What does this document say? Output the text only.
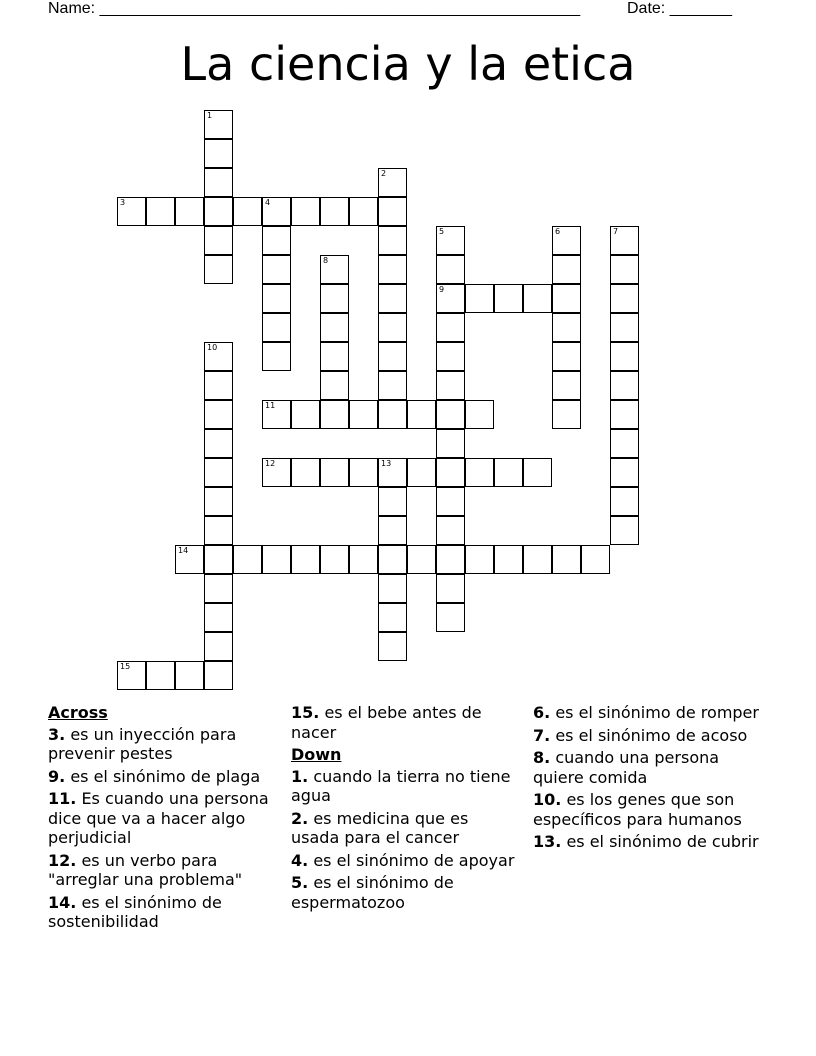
Name: ______________________________________________________	Date: _______
La ciencia y la etica
1
2
3	4
5	6	7
8
9
10
11
12	13
14
15
Across
3. es un inyección para prevenir pestes
9. es el sinónimo de plaga
11. Es cuando una persona dice que va a hacer algo perjudicial
12. es un verbo para "arreglar una problema"
14. es el sinónimo de sostenibilidad
15. es el bebe antes de nacer
Down
1. cuando la tierra no tiene agua
2. es medicina que es usada para el cancer
4. es el sinónimo de apoyar
5. es el sinónimo de espermatozoo
6. es el sinónimo de romper
7. es el sinónimo de acoso
8. cuando una persona quiere comida
10. es los genes que son específicos para humanos
13. es el sinónimo de cubrir
